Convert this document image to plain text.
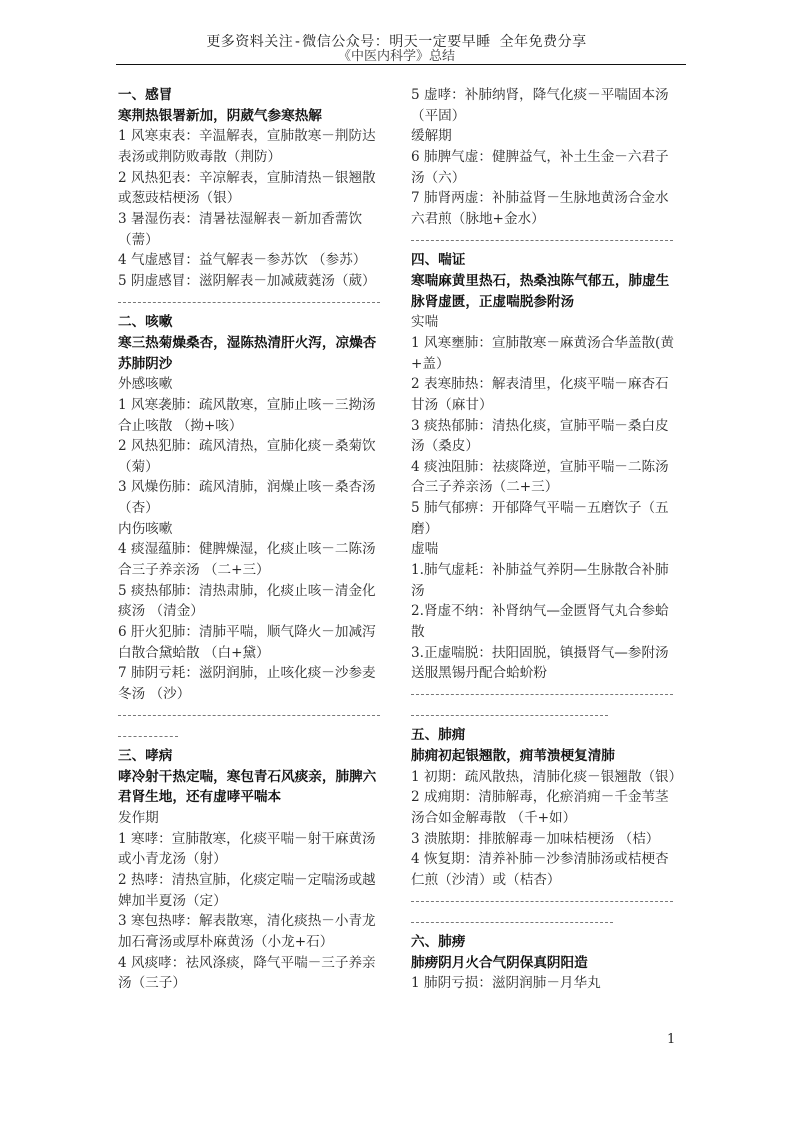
更多资料关注-微信公众号：明天一定要早睡 全年免费分享
《中医内科学》总结
一、感冒
寒荆热银署新加，阴葳气参寒热解
1 风寒束表：辛温解表，宣肺散寒－荆防达
表汤或荆防败毒散（荆防）
2 风热犯表：辛凉解表，宣肺清热－银翘散
或葱豉桔梗汤（银）
3 暑湿伤表：清暑祛湿解表－新加香薷饮
（薷）
4 气虚感冒：益气解表－参苏饮 （参苏）
5 阴虚感冒：滋阴解表－加减葳蕤汤（葳）
二、咳嗽
寒三热菊燥桑杏，湿陈热清肝火泻，凉燥杏
苏肺阴沙
外感咳嗽
1 风寒袭肺：疏风散寒，宣肺止咳－三拗汤
合止咳散 （拗+咳）
2 风热犯肺：疏风清热，宣肺化痰－桑菊饮
（菊）
3 风燥伤肺：疏风清肺，润燥止咳－桑杏汤
（杏）
内伤咳嗽
4 痰湿蕴肺：健脾燥湿，化痰止咳－二陈汤
合三子养亲汤 （二+三）
5 痰热郁肺：清热肃肺，化痰止咳－清金化
痰汤 （清金）
6 肝火犯肺：清肺平喘，顺气降火－加减泻
白散合黛蛤散 （白+黛）
7 肺阴亏耗：滋阴润肺，止咳化痰－沙参麦
冬汤 （沙）
三、哮病
哮冷射干热定喘，寒包青石风痰亲，肺脾六
君肾生地，还有虚哮平喘本
发作期
1 寒哮：宣肺散寒，化痰平喘－射干麻黄汤
或小青龙汤（射）
2 热哮：清热宣肺，化痰定喘－定喘汤或越
婢加半夏汤（定）
3 寒包热哮：解表散寒，清化痰热－小青龙
加石膏汤或厚朴麻黄汤（小龙+石）
4 风痰哮：祛风涤痰，降气平喘－三子养亲
汤（三子）
5 虚哮：补肺纳肾，降气化痰－平喘固本汤
（平固）
缓解期
6 肺脾气虚：健脾益气，补土生金－六君子
汤（六）
7 肺肾两虚：补肺益肾－生脉地黄汤合金水
六君煎（脉地+金水）
四、喘证
寒喘麻黄里热石，热桑浊陈气郁五，肺虚生
脉肾虚匮，正虚喘脱参附汤
实喘
1 风寒壅肺：宣肺散寒－麻黄汤合华盖散(黄
+盖）
2 表寒肺热：解表清里，化痰平喘－麻杏石
甘汤（麻甘）
3 痰热郁肺：清热化痰，宣肺平喘－桑白皮
汤（桑皮）
4 痰浊阻肺：祛痰降逆，宣肺平喘－二陈汤
合三子养亲汤（二+三）
5 肺气郁痹：开郁降气平喘－五磨饮子（五
磨）
虚喘
1.肺气虚耗：补肺益气养阴—生脉散合补肺
汤
2.肾虚不纳：补肾纳气—金匮肾气丸合参蛤
散
3.正虚喘脱：扶阳固脱，镇摄肾气—参附汤
送服黑锡丹配合蛤蚧粉
五、肺痈
肺痈初起银翘散，痈苇溃梗复清肺
1 初期：疏风散热，清肺化痰－银翘散（银）
2 成痈期：清肺解毒，化瘀消痈－千金苇茎
汤合如金解毒散 （千+如）
3 溃脓期：排脓解毒－加味桔梗汤 （桔）
4 恢复期：清养补肺－沙参清肺汤或桔梗杏
仁煎（沙清）或（桔杏）
六、肺痨
肺痨阴月火合气阴保真阴阳造
1 肺阴亏损：滋阴润肺－月华丸
1
